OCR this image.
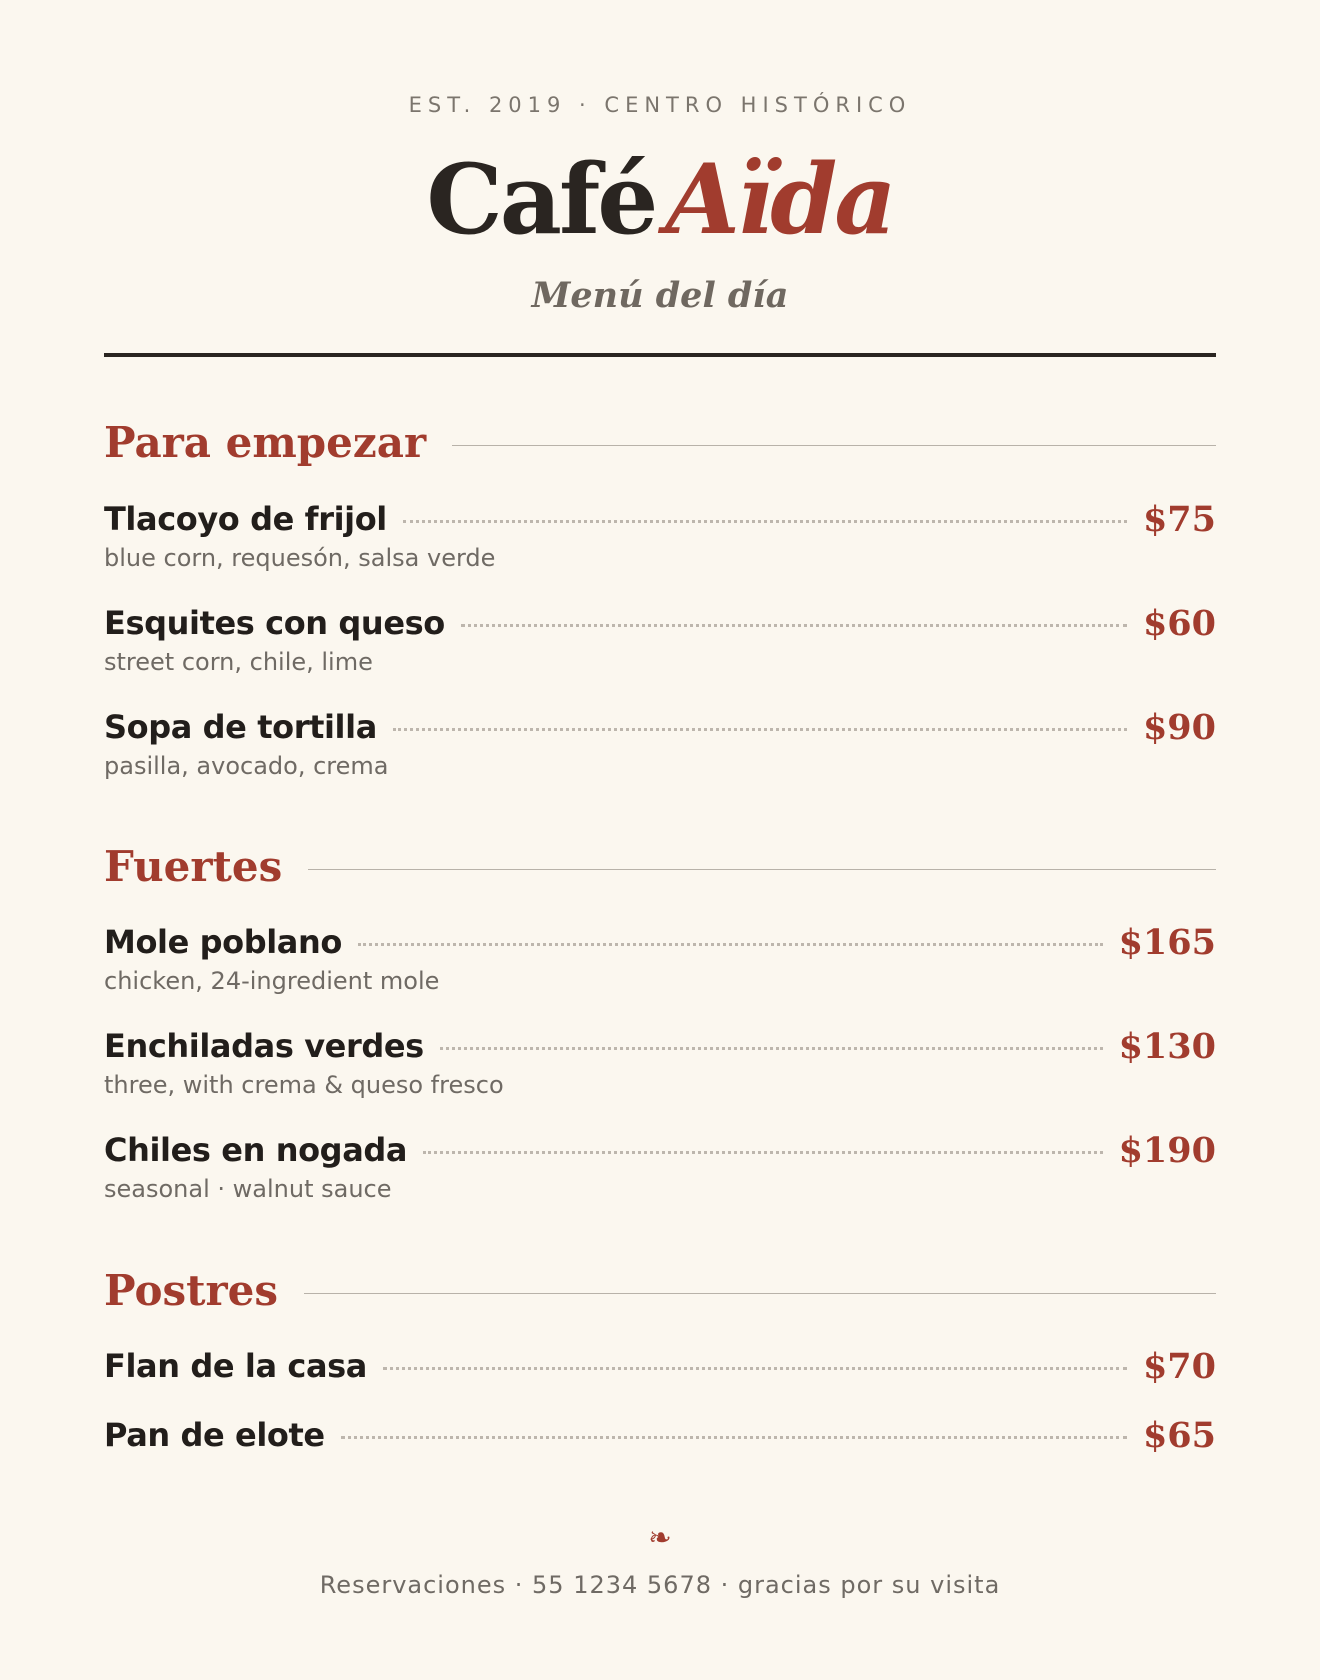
EST. 2019 · CENTRO HISTÓRICO
Café Aïda
Menú del día
Para empezar
Tlacoyo de frijol	$75
blue corn, requesón, salsa verde
Esquites con queso	$60
street corn, chile, lime
Sopa de tortilla	$90
pasilla, avocado, crema
Fuertes
Mole poblano	$165
chicken, 24-ingredient mole
Enchiladas verdes	$130
three, with crema & queso fresco
Chiles en nogada	$190
seasonal · walnut sauce
Postres
Flan de la casa	$70
Pan de elote	$65
❧
Reservaciones · 55 1234 5678 · gracias por su visita
